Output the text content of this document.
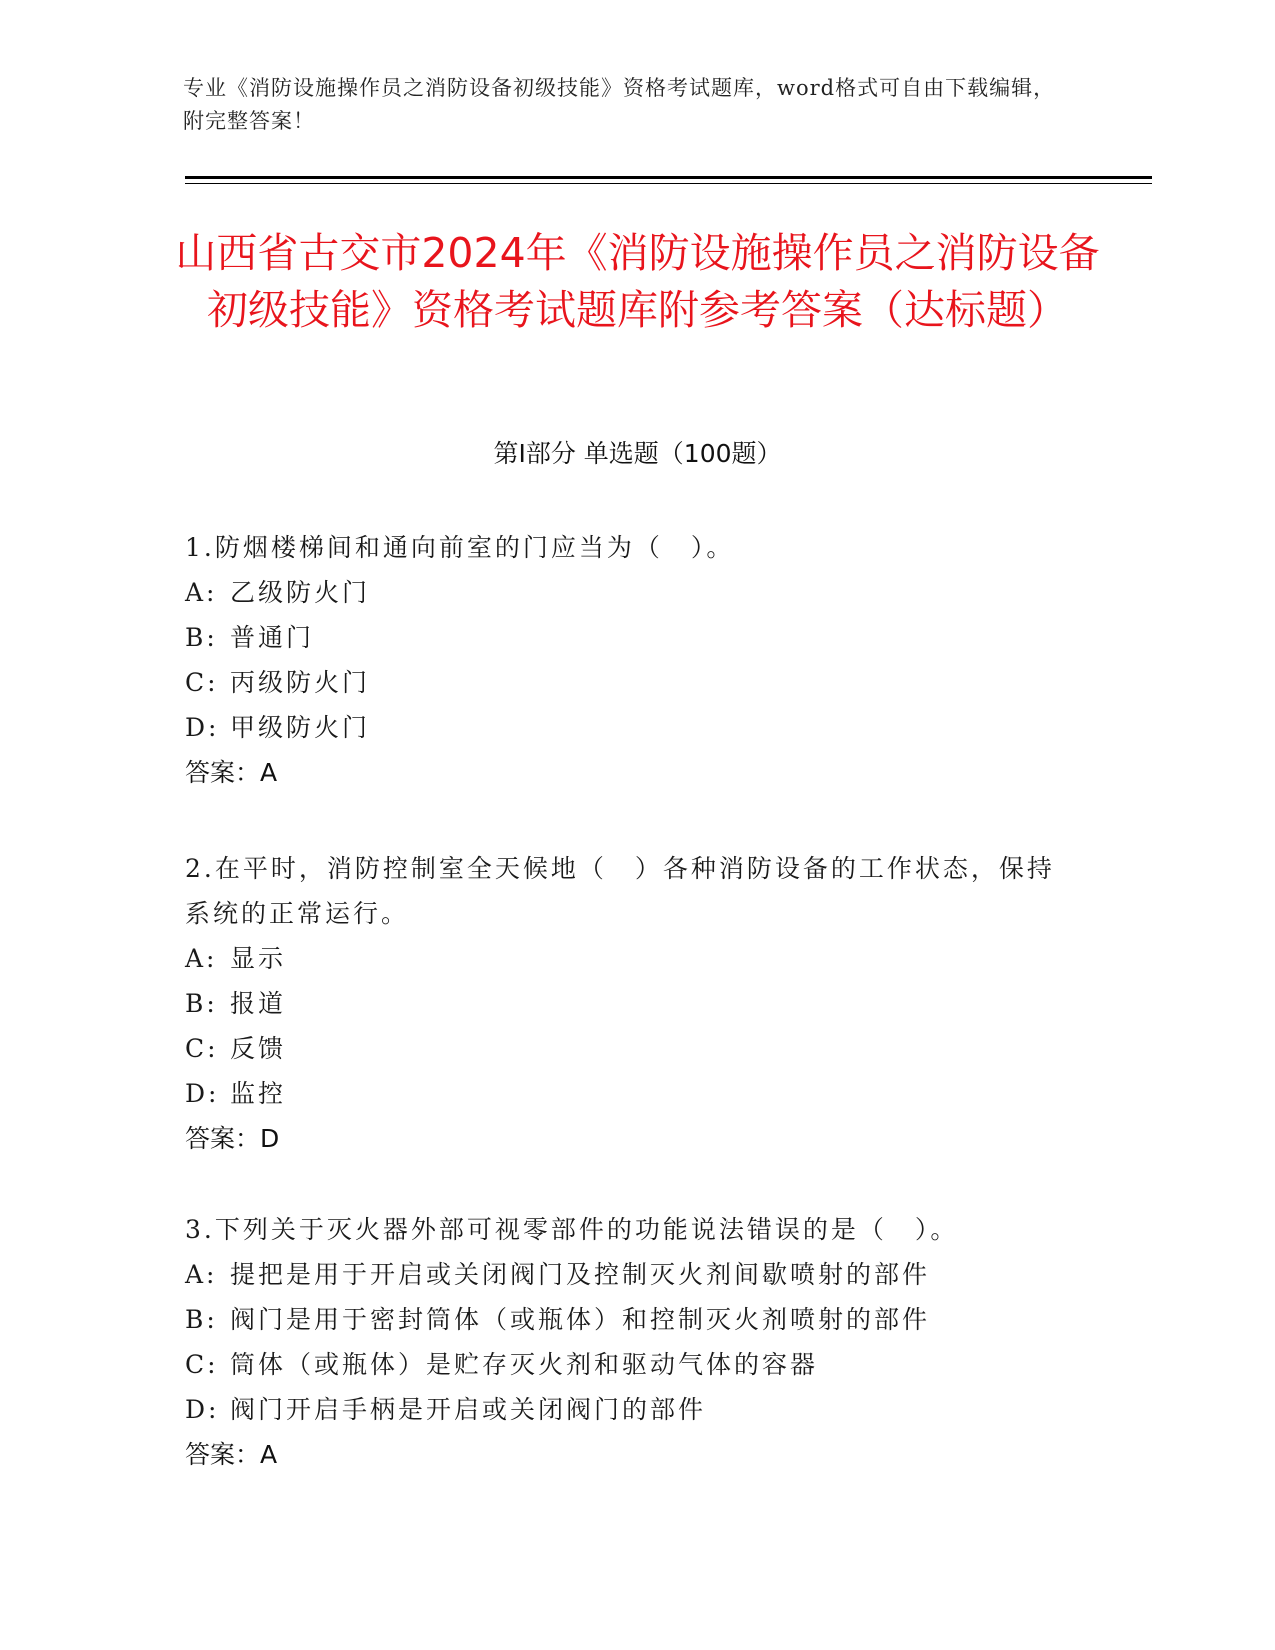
专业《消防设施操作员之消防设备初级技能》资格考试题库，word格式可自由下载编辑，附完整答案！
山西省古交市2024年《消防设施操作员之消防设备初级技能》资格考试题库附参考答案（达标题）
第I部分 单选题（100题）

1.防烟楼梯间和通向前室的门应当为（　）。

A: 乙级防火门

B: 普通门

C: 丙级防火门

D: 甲级防火门

答案：A

2.在平时，消防控制室全天候地（　）各种消防设备的工作状态，保持系统的正常运行。

A: 显示

B: 报道

C: 反馈

D: 监控

答案：D

3.下列关于灭火器外部可视零部件的功能说法错误的是（　）。

A: 提把是用于开启或关闭阀门及控制灭火剂间歇喷射的部件

B: 阀门是用于密封筒体（或瓶体）和控制灭火剂喷射的部件

C: 筒体（或瓶体）是贮存灭火剂和驱动气体的容器

D: 阀门开启手柄是开启或关闭阀门的部件

答案：A
